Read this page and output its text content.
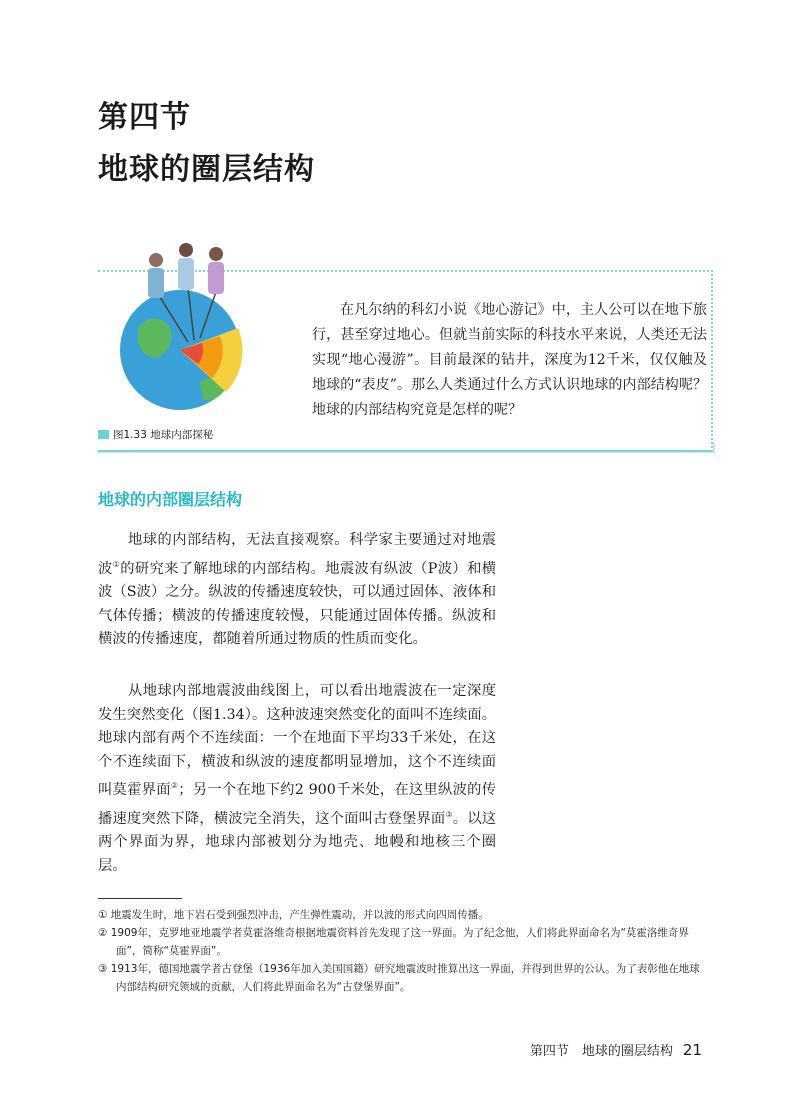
第四节
地球的圈层结构
图1.33 地球内部探秘
在凡尔纳的科幻小说《地心游记》中，主人公可以在地下旅行，甚至穿过地心。但就当前实际的科技水平来说，人类还无法实现“地心漫游”。目前最深的钻井，深度为12千米，仅仅触及地球的“表皮”。那么人类通过什么方式认识地球的内部结构呢？地球的内部结构究竟是怎样的呢？
地球的内部圈层结构
地球的内部结构，无法直接观察。科学家主要通过对地震波①的研究来了解地球的内部结构。地震波有纵波（P波）和横波（S波）之分。纵波的传播速度较快，可以通过固体、液体和气体传播；横波的传播速度较慢，只能通过固体传播。纵波和横波的传播速度，都随着所通过物质的性质而变化。
从地球内部地震波曲线图上，可以看出地震波在一定深度发生突然变化（图1.34）。这种波速突然变化的面叫不连续面。地球内部有两个不连续面：一个在地面下平均33千米处，在这个不连续面下，横波和纵波的速度都明显增加，这个不连续面叫莫霍界面②；另一个在地下约2 900千米处，在这里纵波的传播速度突然下降，横波完全消失，这个面叫古登堡界面③。以这两个界面为界，地球内部被划分为地壳、地幔和地核三个圈层。
① 地震发生时，地下岩石受到强烈冲击，产生弹性震动，并以波的形式向四周传播。
② 1909年，克罗地亚地震学者莫霍洛维奇根据地震资料首先发现了这一界面。为了纪念他，人们将此界面命名为“莫霍洛维奇界面”，简称“莫霍界面”。
③ 1913年，德国地震学者古登堡（1936年加入美国国籍）研究地震波时推算出这一界面，并得到世界的公认。为了表彰他在地球内部结构研究领域的贡献，人们将此界面命名为“古登堡界面”。
第四节　地球的圈层结构 21
